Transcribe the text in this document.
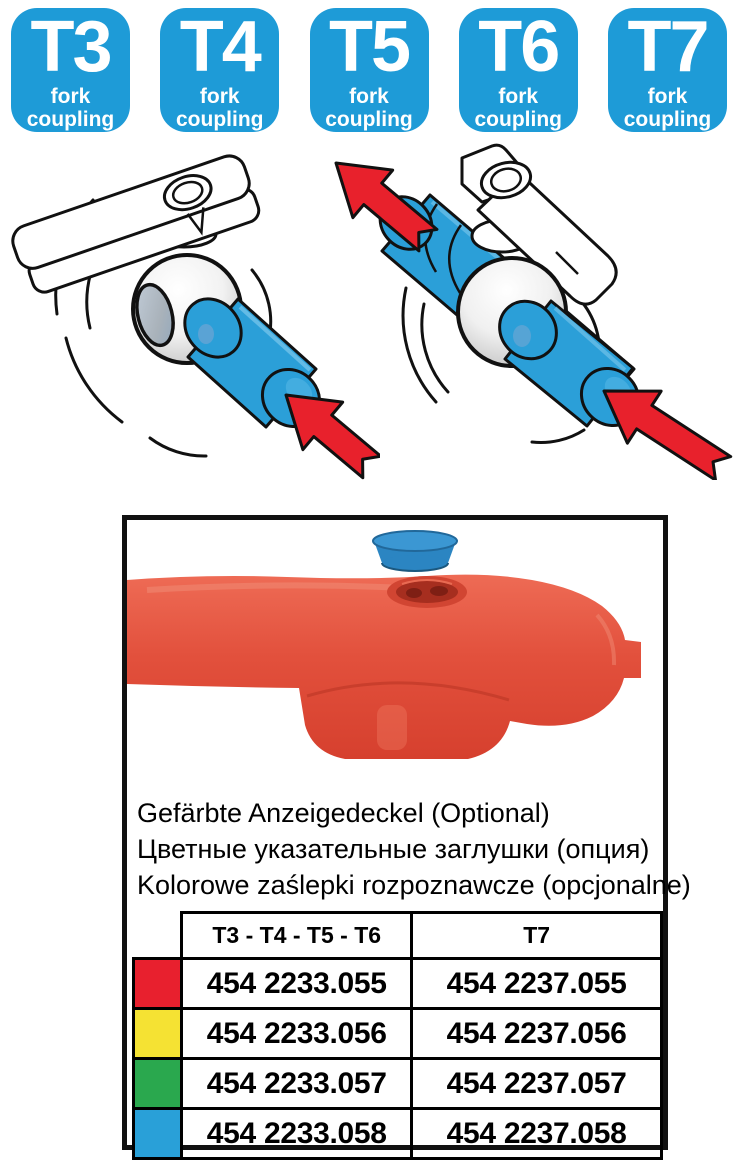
T3
fork
coupling
T4
fork
coupling
T5
fork
coupling
T6
fork
coupling
T7
fork
coupling

Gefärbte Anzeigedeckel (Optional)

Цветные указательные заглушки (опция)

Kolorowe zaślepki rozpoznawcze (opcjonalne)

	T3 - T4 - T5 - T6	T7
	454 2233.055	454 2237.055
	454 2233.056	454 2237.056
	454 2233.057	454 2237.057
	454 2233.058	454 2237.058
